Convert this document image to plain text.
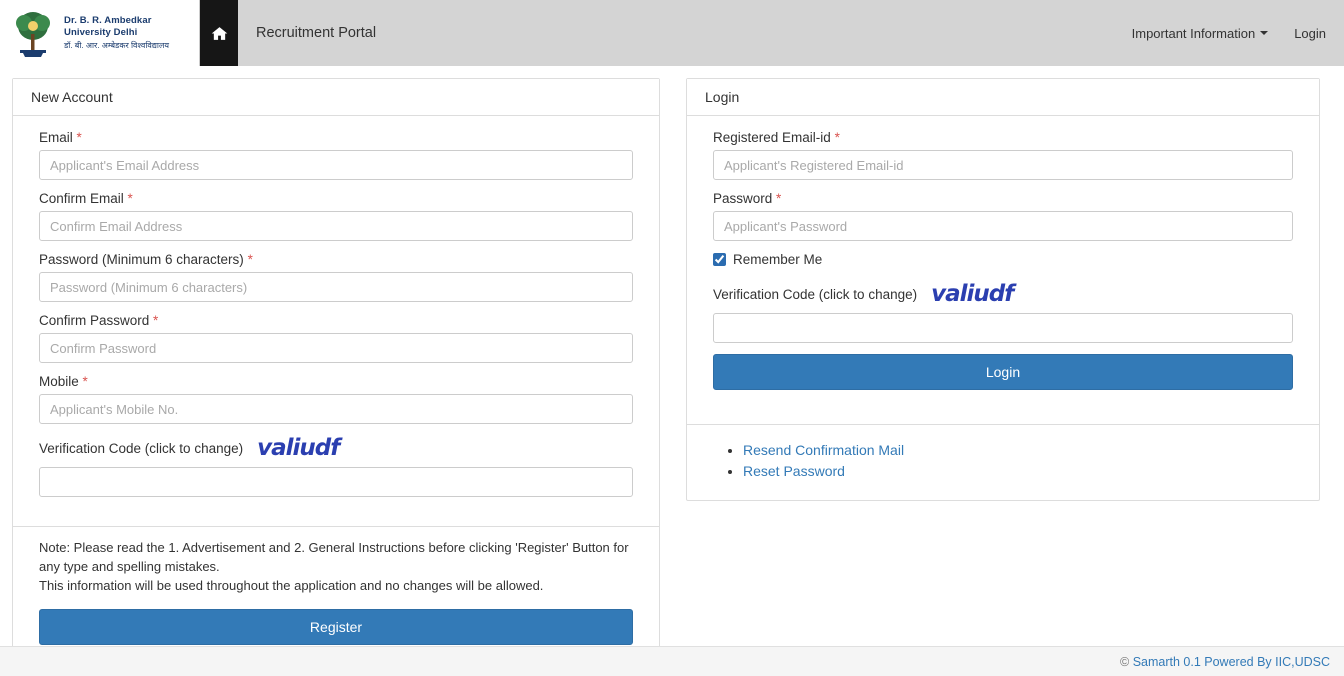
Dr. B. R. Ambedkar University Delhi
डॉ. बी. आर. अम्बेडकर विश्वविद्यालय
Recruitment Portal	Important Information	Login
New Account
Email *
Applicant's Email Address
Confirm Email *
Confirm Email Address
Password (Minimum 6 characters) *
Confirm Password *
Mobile *
Applicant's Mobile No.
Verification Code (click to change) valiudf
Note: Please read the 1. Advertisement and 2. General Instructions before clicking 'Register' Button for any type and spelling mistakes.
This information will be used throughout the application and no changes will be allowed.
Register
Login
Registered Email-id *
Applicant's Registered Email-id
Password *
Remember Me
Verification Code (click to change) valiudf
Login
• Resend Confirmation Mail
• Reset Password
©
Samarth 0.1 Powered By IIC,UDSC
